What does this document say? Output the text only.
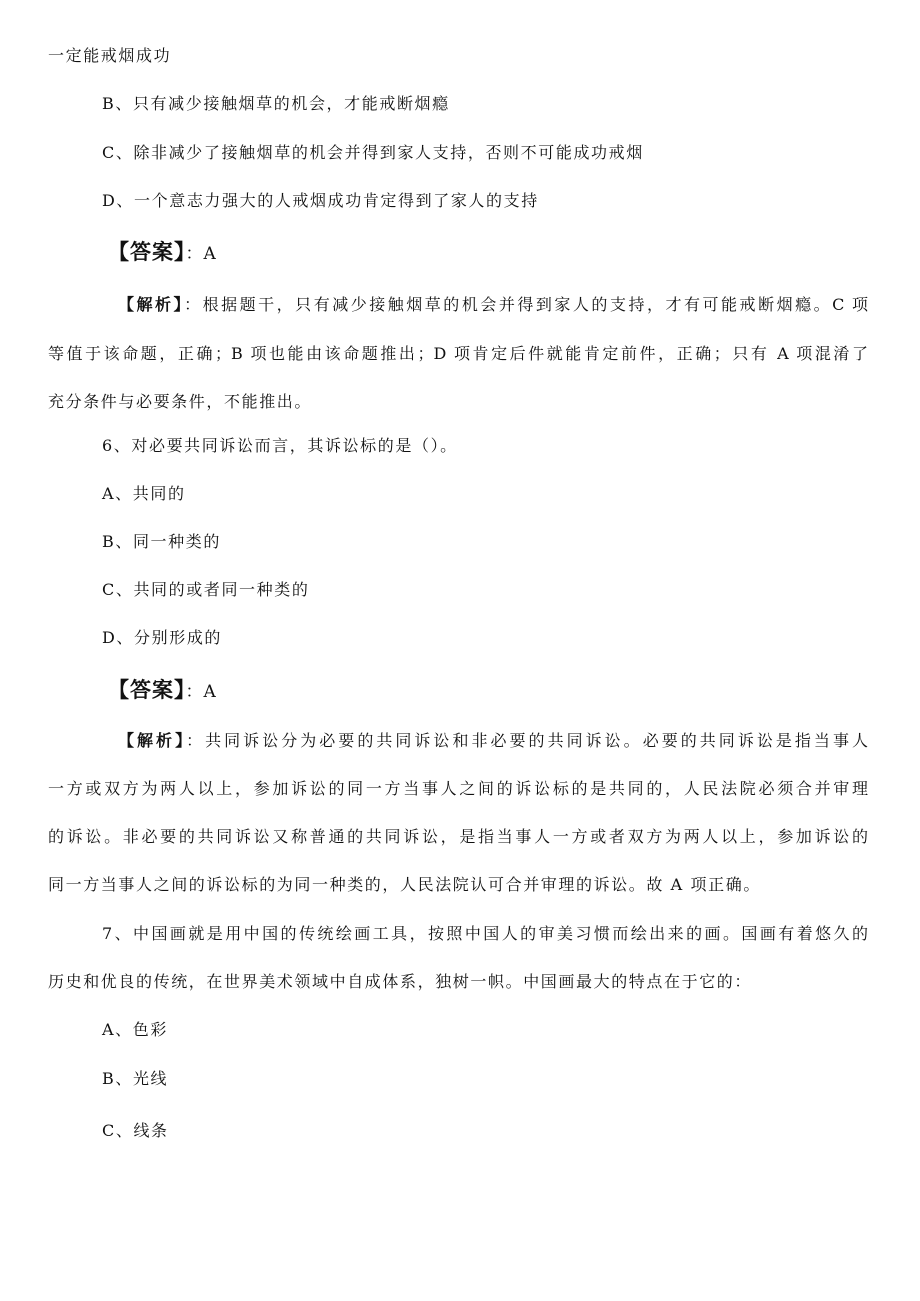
一定能戒烟成功
B、只有减少接触烟草的机会，才能戒断烟瘾
C、除非减少了接触烟草的机会并得到家人支持，否则不可能成功戒烟
D、一个意志力强大的人戒烟成功肯定得到了家人的支持
【答案】：A
【解析】：根据题干，只有减少接触烟草的机会并得到家人的支持，才有可能戒断烟瘾。C 项
等值于该命题，正确；B 项也能由该命题推出；D 项肯定后件就能肯定前件，正确；只有 A 项混淆了
充分条件与必要条件，不能推出。
6、对必要共同诉讼而言，其诉讼标的是（）。
A、共同的
B、同一种类的
C、共同的或者同一种类的
D、分别形成的
【答案】：A
【解析】：共同诉讼分为必要的共同诉讼和非必要的共同诉讼。必要的共同诉讼是指当事人
一方或双方为两人以上，参加诉讼的同一方当事人之间的诉讼标的是共同的，人民法院必须合并审理
的诉讼。非必要的共同诉讼又称普通的共同诉讼，是指当事人一方或者双方为两人以上，参加诉讼的
同一方当事人之间的诉讼标的为同一种类的，人民法院认可合并审理的诉讼。故 A 项正确。
7、中国画就是用中国的传统绘画工具，按照中国人的审美习惯而绘出来的画。国画有着悠久的
历史和优良的传统，在世界美术领域中自成体系，独树一帜。中国画最大的特点在于它的：
A、色彩
B、光线
C、线条
